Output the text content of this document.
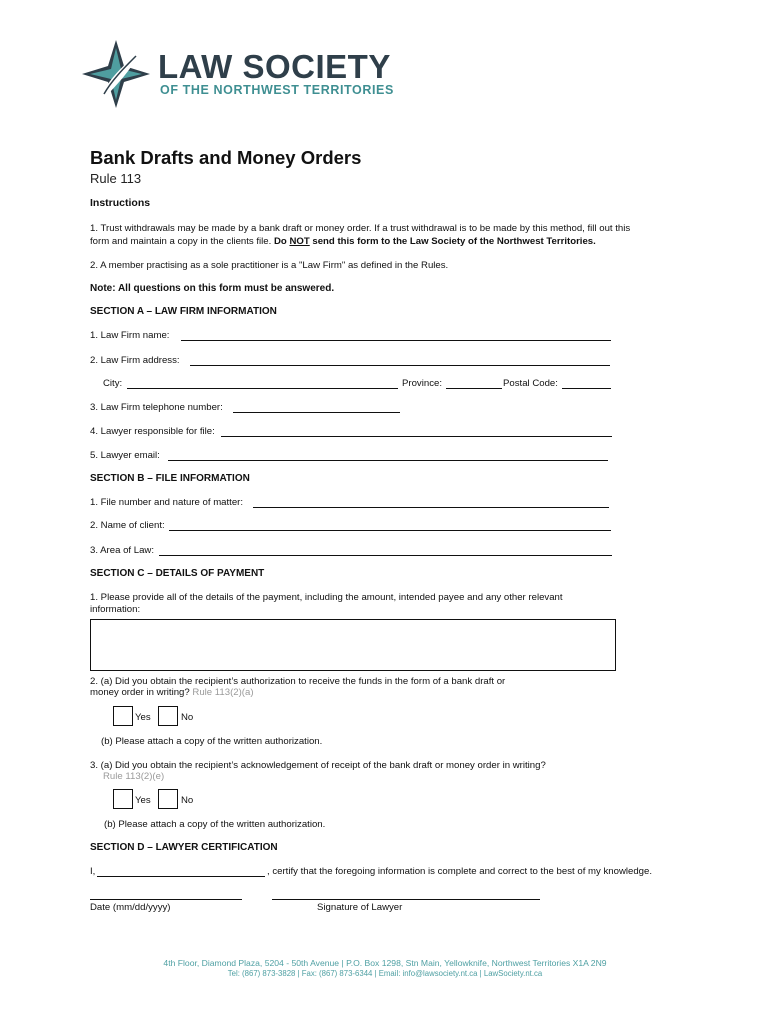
LAW SOCIETY
OF THE NORTHWEST TERRITORIES
Bank Drafts and Money Orders
Rule 113
Instructions
1. Trust withdrawals may be made by a bank draft or money order. If a trust withdrawal is to be made by this method, fill out this
form and maintain a copy in the clients file. Do NOT send this form to the Law Society of the Northwest Territories.
2. A member practising as a sole practitioner is a "Law Firm" as defined in the Rules.
Note: All questions on this form must be answered.
SECTION A – LAW FIRM INFORMATION
1. Law Firm name:
2. Law Firm address:
City:	Province:	Postal Code:
3. Law Firm telephone number:
4. Lawyer responsible for file:
5. Lawyer email:
SECTION B – FILE INFORMATION
1. File number and nature of matter:
2. Name of client:
3. Area of Law:
SECTION C – DETAILS OF PAYMENT
1. Please provide all of the details of the payment, including the amount, intended payee and any other relevant
information:
2. (a) Did you obtain the recipient’s authorization to receive the funds in the form of a bank draft or
money order in writing? Rule 113(2)(a)
Yes	No
(b) Please attach a copy of the written authorization.
3. (a) Did you obtain the recipient’s acknowledgement of receipt of the bank draft or money order in writing?
Rule 113(2)(e)
Yes	No
(b) Please attach a copy of the written authorization.
SECTION D – LAWYER CERTIFICATION
I,	, certify that the foregoing information is complete and correct to the best of my knowledge.
Date (mm/dd/yyyy)	Signature of Lawyer
4th Floor, Diamond Plaza, 5204 - 50th Avenue | P.O. Box 1298, Stn Main, Yellowknife, Northwest Territories X1A 2N9
Tel: (867) 873-3828 | Fax: (867) 873-6344 | Email: info@lawsociety.nt.ca | LawSociety.nt.ca
